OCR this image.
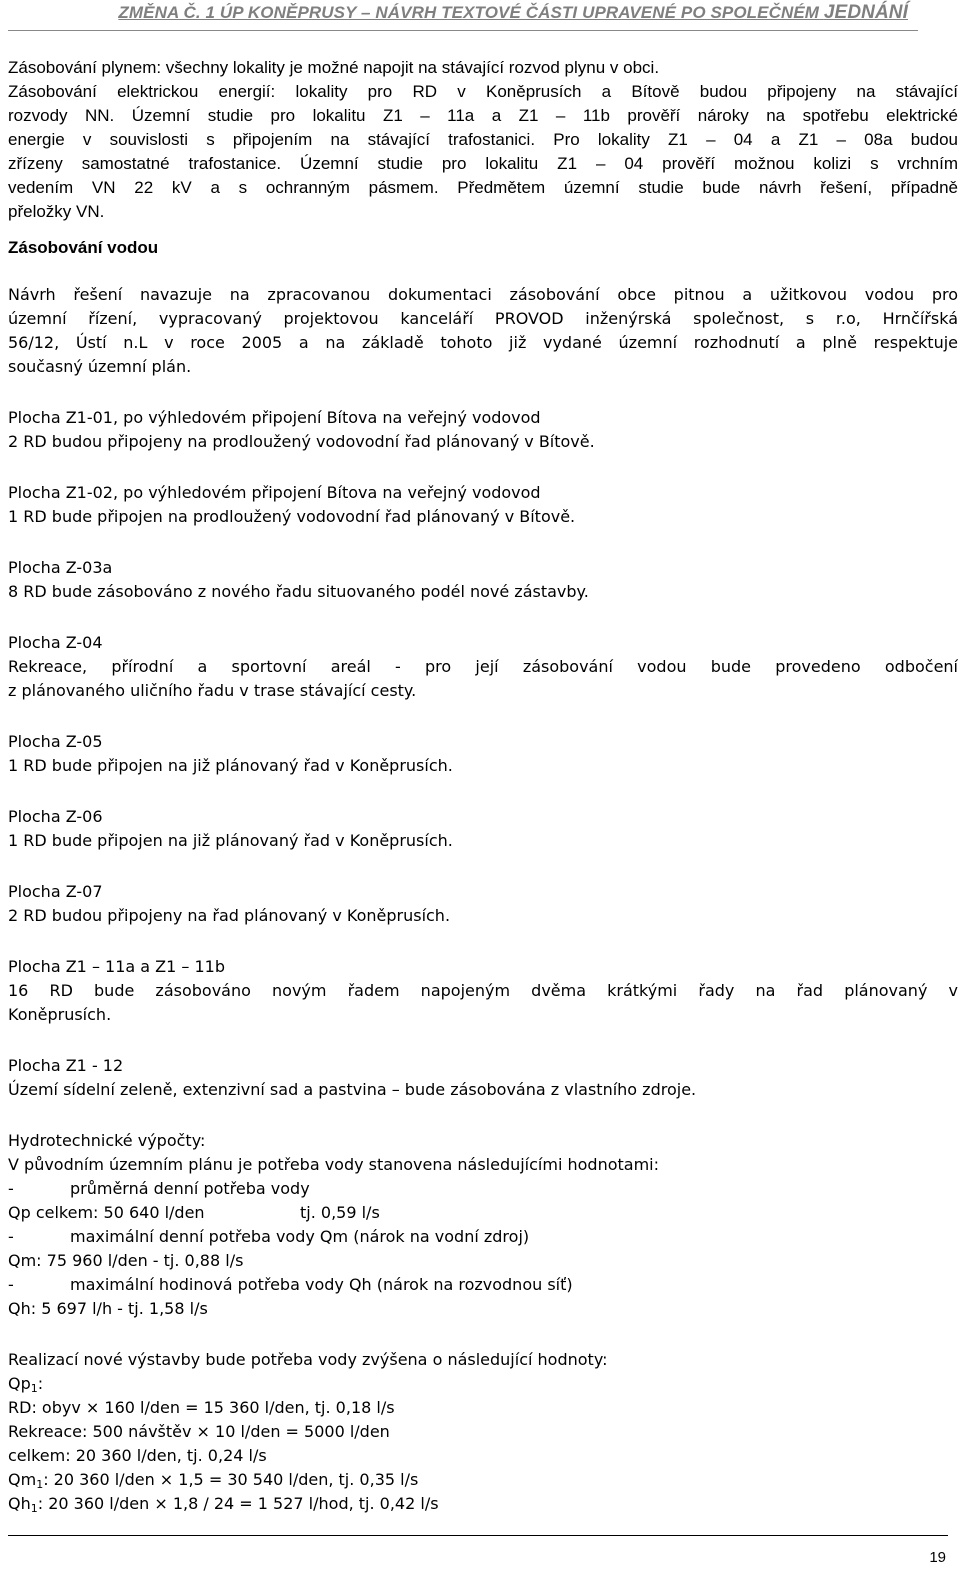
ZMĚNA Č. 1 ÚP KONĚPRUSY – NÁVRH TEXTOVÉ ČÁSTI UPRAVENÉ PO SPOLEČNÉM JEDNÁNÍ
Zásobování plynem: všechny lokality je možné napojit na stávající rozvod plynu v obci.
Zásobování elektrickou energií: lokality pro RD v Koněprusích a Bítově budou připojeny na stávající
rozvody NN. Územní studie pro lokalitu Z1 – 11a a Z1 – 11b prověří nároky na spotřebu elektrické
energie v souvislosti s připojením na stávající trafostanici. Pro lokality Z1 – 04 a Z1 – 08a budou
zřízeny samostatné trafostanice. Územní studie pro lokalitu Z1 – 04 prověří možnou kolizi s vrchním
vedením VN 22 kV a s ochranným pásmem. Předmětem územní studie bude návrh řešení, případně
přeložky VN.
Zásobování vodou
Návrh řešení navazuje na zpracovanou dokumentaci zásobování obce pitnou a užitkovou vodou pro
územní řízení, vypracovaný projektovou kanceláří PROVOD inženýrská společnost, s r.o, Hrnčířská
56/12, Ústí n.L v roce 2005 a na základě tohoto již vydané územní rozhodnutí a plně respektuje
současný územní plán.
Plocha Z1-01, po výhledovém připojení Bítova na veřejný vodovod
2 RD budou připojeny na prodloužený vodovodní řad plánovaný v Bítově.
Plocha Z1-02, po výhledovém připojení Bítova na veřejný vodovod
1 RD bude připojen na prodloužený vodovodní řad plánovaný v Bítově.
Plocha Z-03a
8 RD bude zásobováno z nového řadu situovaného podél nové zástavby.
Plocha Z-04
Rekreace, přírodní a sportovní areál - pro její zásobování vodou bude provedeno odbočení
z plánovaného uličního řadu v trase stávající cesty.
Plocha Z-05
1 RD bude připojen na již plánovaný řad v Koněprusích.
Plocha Z-06
1 RD bude připojen na již plánovaný řad v Koněprusích.
Plocha Z-07
2 RD budou připojeny na řad plánovaný v Koněprusích.
Plocha Z1 – 11a a Z1 – 11b
16 RD bude zásobováno novým řadem napojeným dvěma krátkými řady na řad plánovaný v
Koněprusích.
Plocha Z1 - 12
Území sídelní zeleně, extenzivní sad a pastvina – bude zásobována z vlastního zdroje.
Hydrotechnické výpočty:
V původním územním plánu je potřeba vody stanovena následujícími hodnotami:
-	průměrná denní potřeba vody
Qp celkem: 50 640 l/den	tj. 0,59 l/s
-	maximální denní potřeba vody Qm (nárok na vodní zdroj)
Qm: 75 960 l/den - tj. 0,88 l/s
-	maximální hodinová potřeba vody Qh (nárok na rozvodnou síť)
Qh: 5 697 l/h - tj. 1,58 l/s
Realizací nové výstavby bude potřeba vody zvýšena o následující hodnoty:
$Qp_1$:
RD: obyv × 160 l/den = 15 360 l/den, tj. 0,18 l/s
Rekreace: 500 návštěv × 10 l/den = 5000 l/den
celkem: 20 360 l/den, tj. 0,24 l/s
$Qm_1$: 20 360 l/den × 1,5 = 30 540 l/den, tj. 0,35 l/s
$Qh_1$: 20 360 l/den × 1,8 / 24 = 1 527 l/hod, tj. 0,42 l/s
19
